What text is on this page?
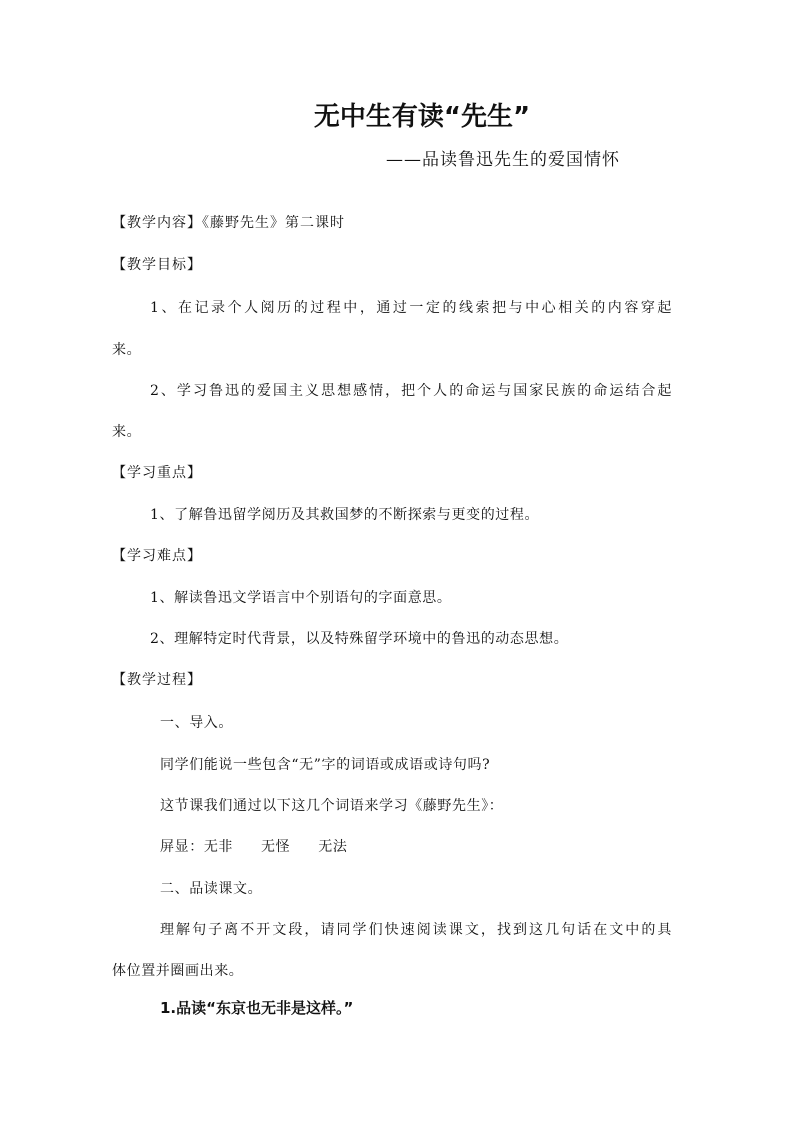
无中生有读“先生”
——品读鲁迅先生的爱国情怀
【教学内容】《藤野先生》第二课时
【教学目标】
1、在记录个人阅历的过程中，通过一定的线索把与中心相关的内容穿起
来。
2、学习鲁迅的爱国主义思想感情，把个人的命运与国家民族的命运结合起
来。
【学习重点】
1、了解鲁迅留学阅历及其救国梦的不断探索与更变的过程。
【学习难点】
1、解读鲁迅文学语言中个别语句的字面意思。
2、理解特定时代背景，以及特殊留学环境中的鲁迅的动态思想。
【教学过程】
一、导入。
同学们能说一些包含“无”字的词语或成语或诗句吗?
这节课我们通过以下这几个词语来学习《藤野先生》：
屏显：无非 无怪 无法
二、品读课文。
理解句子离不开文段，请同学们快速阅读课文，找到这几句话在文中的具
体位置并圈画出来。
1.品读“东京也无非是这样。”
